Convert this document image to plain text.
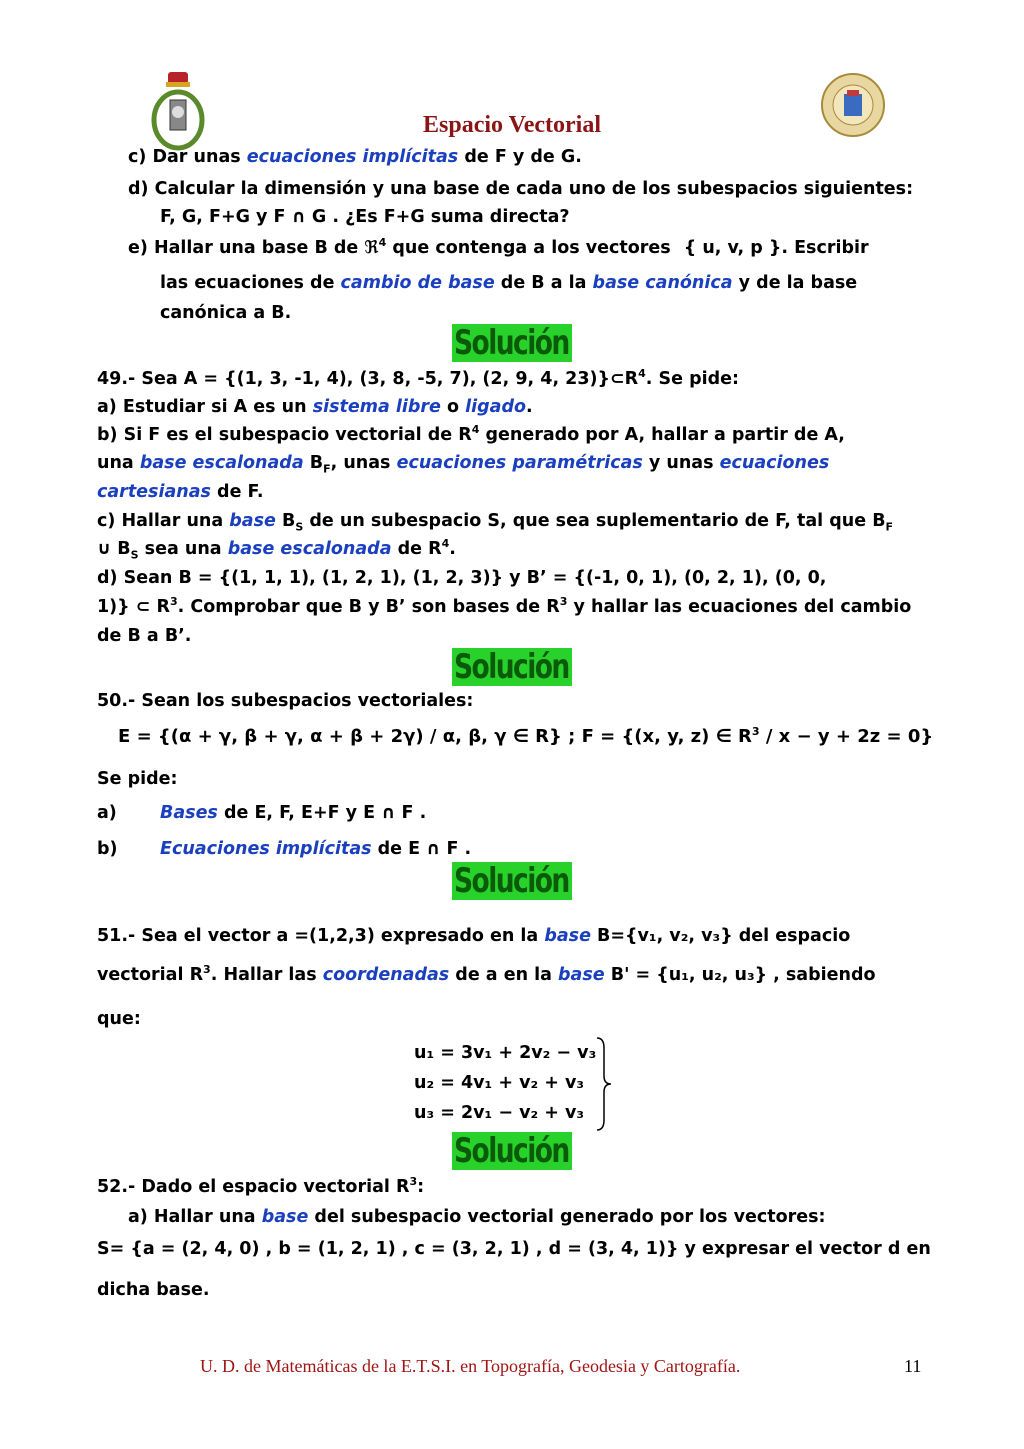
Espacio Vectorial
c) Dar unas ecuaciones implícitas de F y de G.
d) Calcular la dimensión y una base de cada uno de los subespacios siguientes:
F, G, F+G y F ∩ G . ¿Es F+G suma directa?
e) Hallar una base B de ℜ$^4$ que contenga a los vectores { u, v, p }. Escribir
las ecuaciones de cambio de base de B a la base canónica y de la base
canónica a B.
Solución
49.- Sea A = {(1, 3, -1, 4), (3, 8, -5, 7), (2, 9, 4, $23)\}\subset R^4$. Se pide:
a) Estudiar si A es un sistema libre o ligado.
b) Si F es el subespacio vectorial de $R^4$ generado por A, hallar a partir de A,
una base escalonada $B_F$, unas ecuaciones paramétricas y unas ecuaciones
cartesianas de F.
c) Hallar una base $B_S$ de un subespacio S, que sea suplementario de F, tal que $B_F$
∪ $B_S$ sea una base escalonada de $R^4$.
d) Sean B = {(1, 1, 1), (1, 2, 1), (1, 2, 3)} y B’ = {(-1, 0, 1), (0, 2, 1), (0, 0,
1)} ⊂ $R^3$. Comprobar que B y B’ son bases de $R^3$ y hallar las ecuaciones del cambio
de B a B’.
Solución
50.- Sean los subespacios vectoriales:
E = {(α + γ, β + γ, α + β + 2γ) / α, β, γ ∈ R} ; F = {(x, y, z) ∈ $R^3 / x - y + 2z = 0$}
Se pide:
a) Bases de E, F, E+F y E ∩ F .
b) Ecuaciones implícitas de E ∩ F .
Solución
51.- Sea el vector a =(1,2,3) expresado en la base B={v₁, v₂, v₃} del espacio
vectorial $R^3$. Hallar las coordenadas de a en la base B' = {u₁, u₂, u₃} , sabiendo
que:
u₁ = 3v₁ + 2v₂ − v₃
u₂ = 4v₁ + v₂ + v₃
u₃ = 2v₁ − v₂ + v₃
Solución
52.- Dado el espacio vectorial $R^3$:
a) Hallar una base del subespacio vectorial generado por los vectores:
S= {a = (2, 4, 0) , b = (1, 2, 1) , c = (3, 2, 1) , d = (3, 4, 1)} y expresar el vector d en
dicha base.
U. D. de Matemáticas de la E.T.S.I. en Topografía, Geodesia y Cartografía.	11
